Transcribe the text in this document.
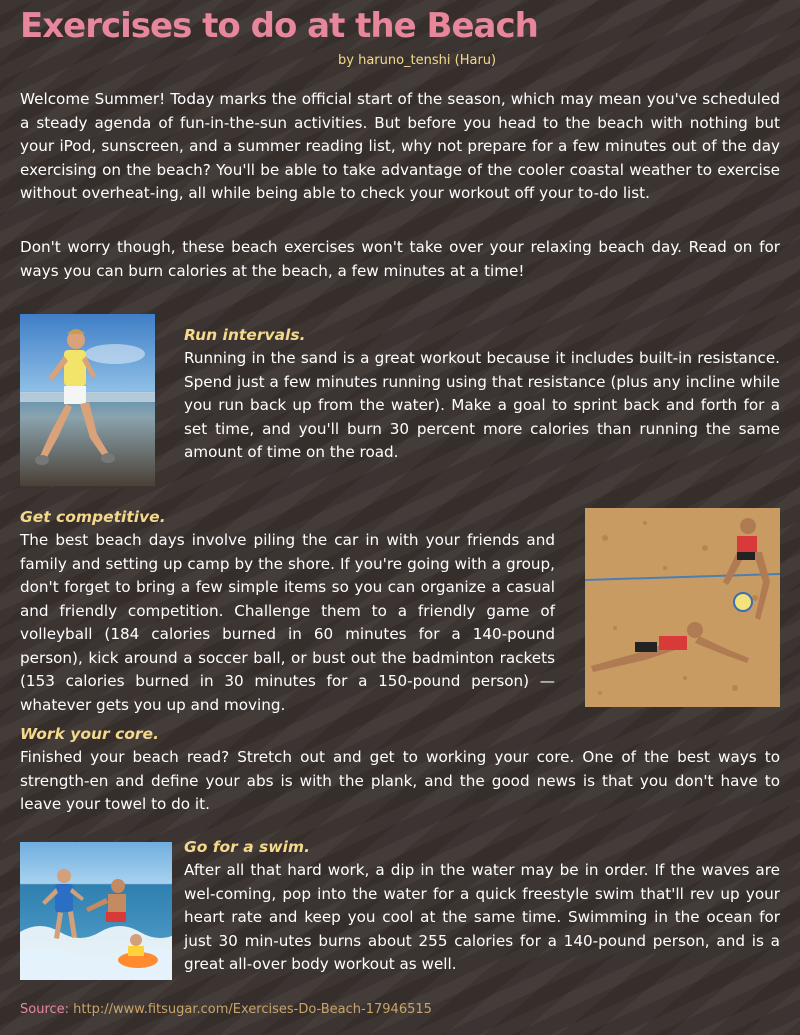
Exercises to do at the Beach
by haruno_tenshi (Haru)

Welcome Summer! Today marks the official start of the season, which may mean you've scheduled a steady agenda of fun-in-the-sun activities. But before you head to the beach with nothing but your iPod, sunscreen, and a summer reading list, why not prepare for a few minutes out of the day exercising on the beach? You'll be able to take advantage of the cooler coastal weather to exercise without overheat-ing, all while being able to check your workout off your to-do list.

Don't worry though, these beach exercises won't take over your relaxing beach day. Read on for ways you can burn calories at the beach, a few minutes at a time!

Run intervals.

Running in the sand is a great workout because it includes built-in resistance. Spend just a few minutes running using that resistance (plus any incline while you run back up from the water). Make a goal to sprint back and forth for a set time, and you'll burn 30 percent more calories than running the same amount of time on the road.

Get competitive.

The best beach days involve piling the car in with your friends and family and setting up camp by the shore. If you're going with a group, don't forget to bring a few simple items so you can organize a casual and friendly competition. Challenge them to a friendly game of volleyball (184 calories burned in 60 minutes for a 140-pound person), kick around a soccer ball, or bust out the badminton rackets (153 calories burned in 30 minutes for a 150-pound person) — whatever gets you up and moving.

Work your core.

Finished your beach read? Stretch out and get to working your core. One of the best ways to strength-en and define your abs is with the plank, and the good news is that you don't have to leave your towel to do it.

Go for a swim.

After all that hard work, a dip in the water may be in order. If the waves are wel-coming, pop into the water for a quick freestyle swim that'll rev up your heart rate and keep you cool at the same time. Swimming in the ocean for just 30 min-utes burns about 255 calories for a 140-pound person, and is a great all-over body workout as well.

Source: http://www.fitsugar.com/Exercises-Do-Beach-17946515
